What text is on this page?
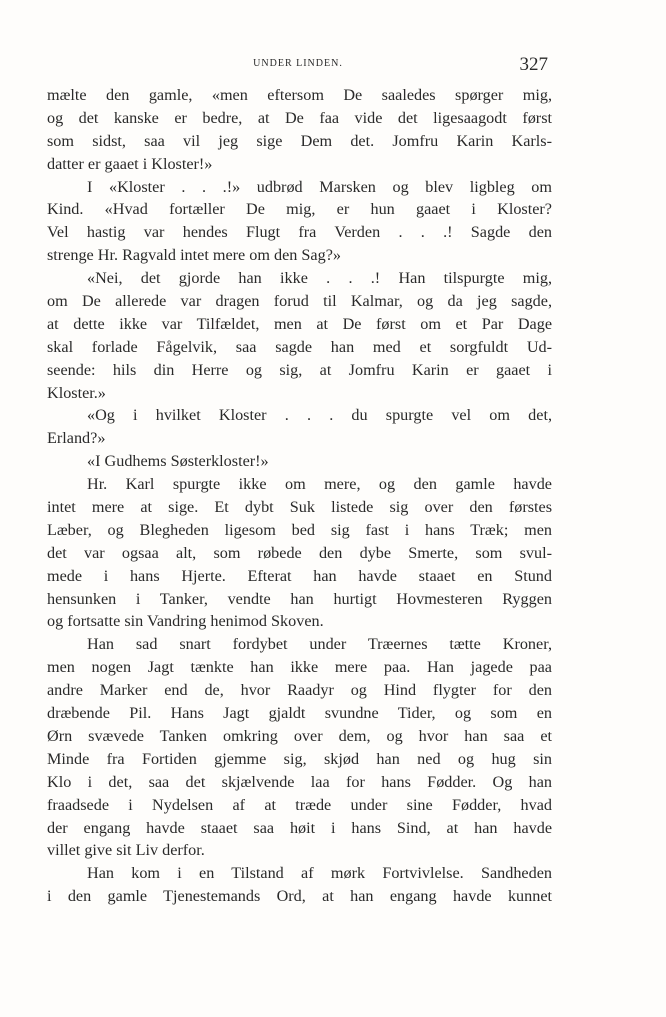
UNDER LINDEN.	327
mælte den gamle, «men eftersom De saaledes spørger mig,
og det kanske er bedre, at De faa vide det ligesaagodt først
som sidst, saa vil jeg sige Dem det. Jomfru Karin Karls-
datter er gaaet i Kloster!»
I «Kloster . . .!» udbrød Marsken og blev ligbleg om
Kind. «Hvad fortæller De mig, er hun gaaet i Kloster?
Vel hastig var hendes Flugt fra Verden . . .! Sagde den
strenge Hr. Ragvald intet mere om den Sag?»
«Nei, det gjorde han ikke . . .! Han tilspurgte mig,
om De allerede var dragen forud til Kalmar, og da jeg sagde,
at dette ikke var Tilfældet, men at De først om et Par Dage
skal forlade Fågelvik, saa sagde han med et sorgfuldt Ud-
seende: hils din Herre og sig, at Jomfru Karin er gaaet i
Kloster.»
«Og i hvilket Kloster . . . du spurgte vel om det,
Erland?»
«I Gudhems Søsterkloster!»
Hr. Karl spurgte ikke om mere, og den gamle havde
intet mere at sige. Et dybt Suk listede sig over den førstes
Læber, og Blegheden ligesom bed sig fast i hans Træk; men
det var ogsaa alt, som røbede den dybe Smerte, som svul-
mede i hans Hjerte. Efterat han havde staaet en Stund
hensunken i Tanker, vendte han hurtigt Hovmesteren Ryggen
og fortsatte sin Vandring henimod Skoven.
Han sad snart fordybet under Træernes tætte Kroner,
men nogen Jagt tænkte han ikke mere paa. Han jagede paa
andre Marker end de, hvor Raadyr og Hind flygter for den
dræbende Pil. Hans Jagt gjaldt svundne Tider, og som en
Ørn svævede Tanken omkring over dem, og hvor han saa et
Minde fra Fortiden gjemme sig, skjød han ned og hug sin
Klo i det, saa det skjælvende laa for hans Fødder. Og han
fraadsede i Nydelsen af at træde under sine Fødder, hvad
der engang havde staaet saa høit i hans Sind, at han havde
villet give sit Liv derfor.
Han kom i en Tilstand af mørk Fortvivlelse. Sandheden
i den gamle Tjenestemands Ord, at han engang havde kunnet
